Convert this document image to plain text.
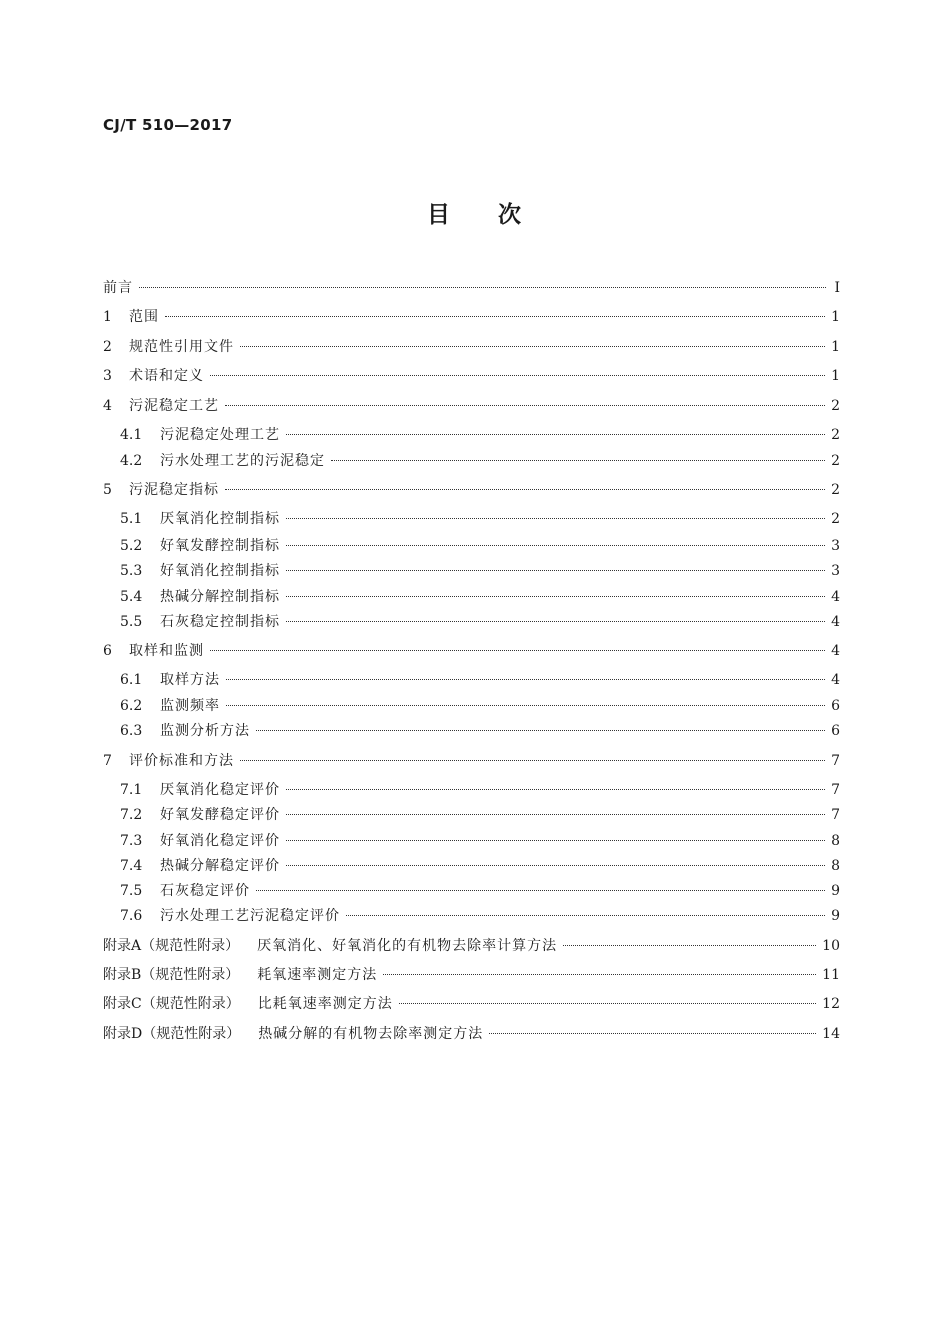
CJ/T 510—2017
目 次
前言	Ⅰ
1	范围	1
2	规范性引用文件	1
3	术语和定义	1
4	污泥稳定工艺	2
4.1	污泥稳定处理工艺	2
4.2	污水处理工艺的污泥稳定	2
5	污泥稳定指标	2
5.1	厌氧消化控制指标	2
5.2	好氧发酵控制指标	3
5.3	好氧消化控制指标	3
5.4	热碱分解控制指标	4
5.5	石灰稳定控制指标	4
6	取样和监测	4
6.1	取样方法	4
6.2	监测频率	6
6.3	监测分析方法	6
7	评价标准和方法	7
7.1	厌氧消化稳定评价	7
7.2	好氧发酵稳定评价	7
7.3	好氧消化稳定评价	8
7.4	热碱分解稳定评价	8
7.5	石灰稳定评价	9
7.6	污水处理工艺污泥稳定评价	9
附录A（规范性附录） 厌氧消化、好氧消化的有机物去除率计算方法	10
附录B（规范性附录） 耗氧速率测定方法	11
附录C（规范性附录） 比耗氧速率测定方法	12
附录D（规范性附录） 热碱分解的有机物去除率测定方法	14
